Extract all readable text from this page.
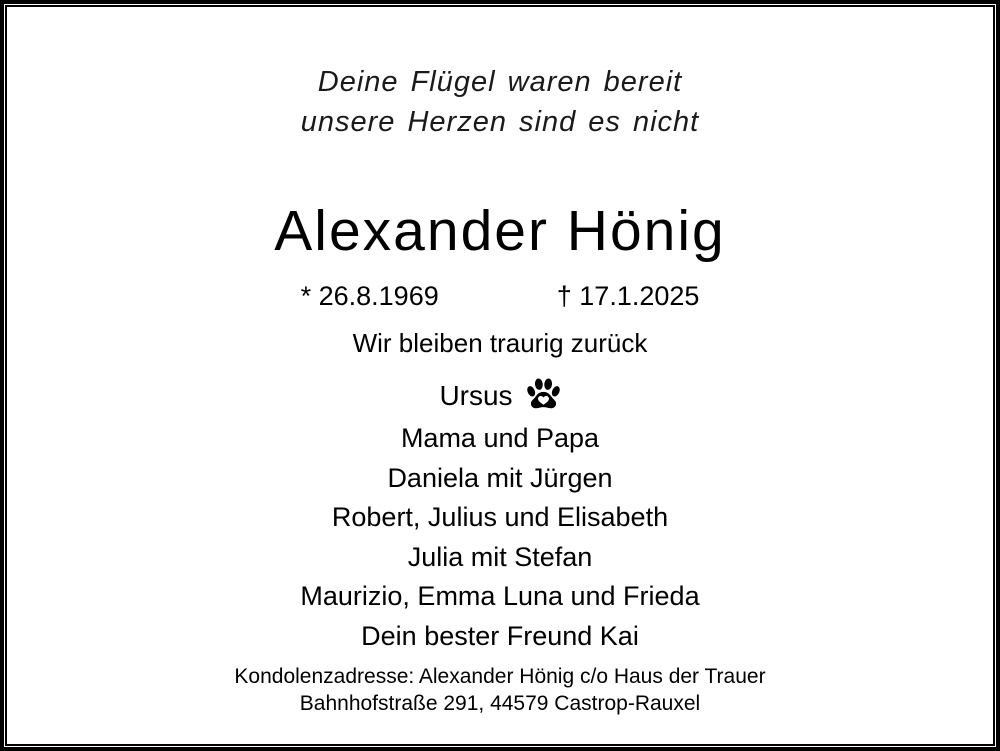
Deine Flügel waren bereit
unsere Herzen sind es nicht
Alexander Hönig
* 26.8.1969	† 17.1.2025
Wir bleiben traurig zurück
Ursus
Mama und Papa
Daniela mit Jürgen
Robert, Julius und Elisabeth
Julia mit Stefan
Maurizio, Emma Luna und Frieda
Dein bester Freund Kai
Kondolenzadresse: Alexander Hönig c/o Haus der Trauer
Bahnhofstraße 291, 44579 Castrop-Rauxel
